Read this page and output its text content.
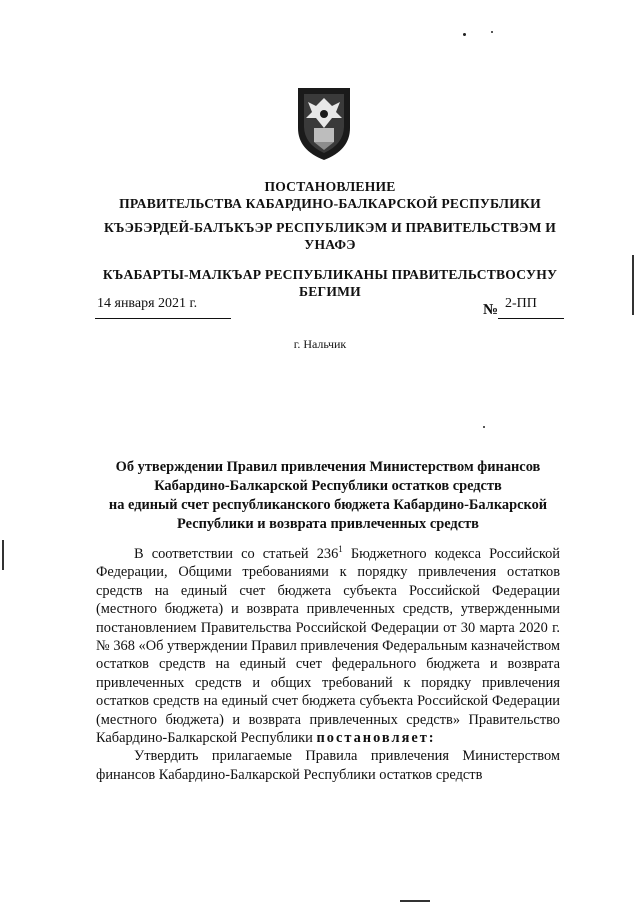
ПОСТАНОВЛЕНИЕ
ПРАВИТЕЛЬСТВА КАБАРДИНО-БАЛКАРСКОЙ РЕСПУБЛИКИ

КЪЭБЭРДЕЙ-БАЛЪКЪЭР РЕСПУБЛИКЭМ И ПРАВИТЕЛЬСТВЭМ И
УНАФЭ

КЪАБАРТЫ-МАЛКЪАР РЕСПУБЛИКАНЫ ПРАВИТЕЛЬСТВОСУНУ
БЕГИМИ

14 января 2021 г.	№ 2-ПП
г. Нальчик

Об утверждении Правил привлечения Министерством финансов
Кабардино-Балкарской Республики остатков средств
на единый счет республиканского бюджета Кабардино-Балкарской
Республики и возврата привлеченных средств

В соответствии со статьей $236^1$ Бюджетного кодекса Российской Федерации, Общими требованиями к порядку привлечения остатков средств на единый счет бюджета субъекта Российской Федерации (местного бюджета) и возврата привлеченных средств, утвержденными постановлением Правительства Российской Федерации от 30 марта 2020 г. № 368 «Об утверждении Правил привлечения Федеральным казначейством остатков средств на единый счет федерального бюджета и возврата привлеченных средств и общих требований к порядку привлечения остатков средств на единый счет бюджета субъекта Российской Федерации (местного бюджета) и возврата привлеченных средств» Правительство Кабардино-Балкарской Республики постановляет:

Утвердить прилагаемые Правила привлечения Министерством финансов Кабардино-Балкарской Республики остатков средств
